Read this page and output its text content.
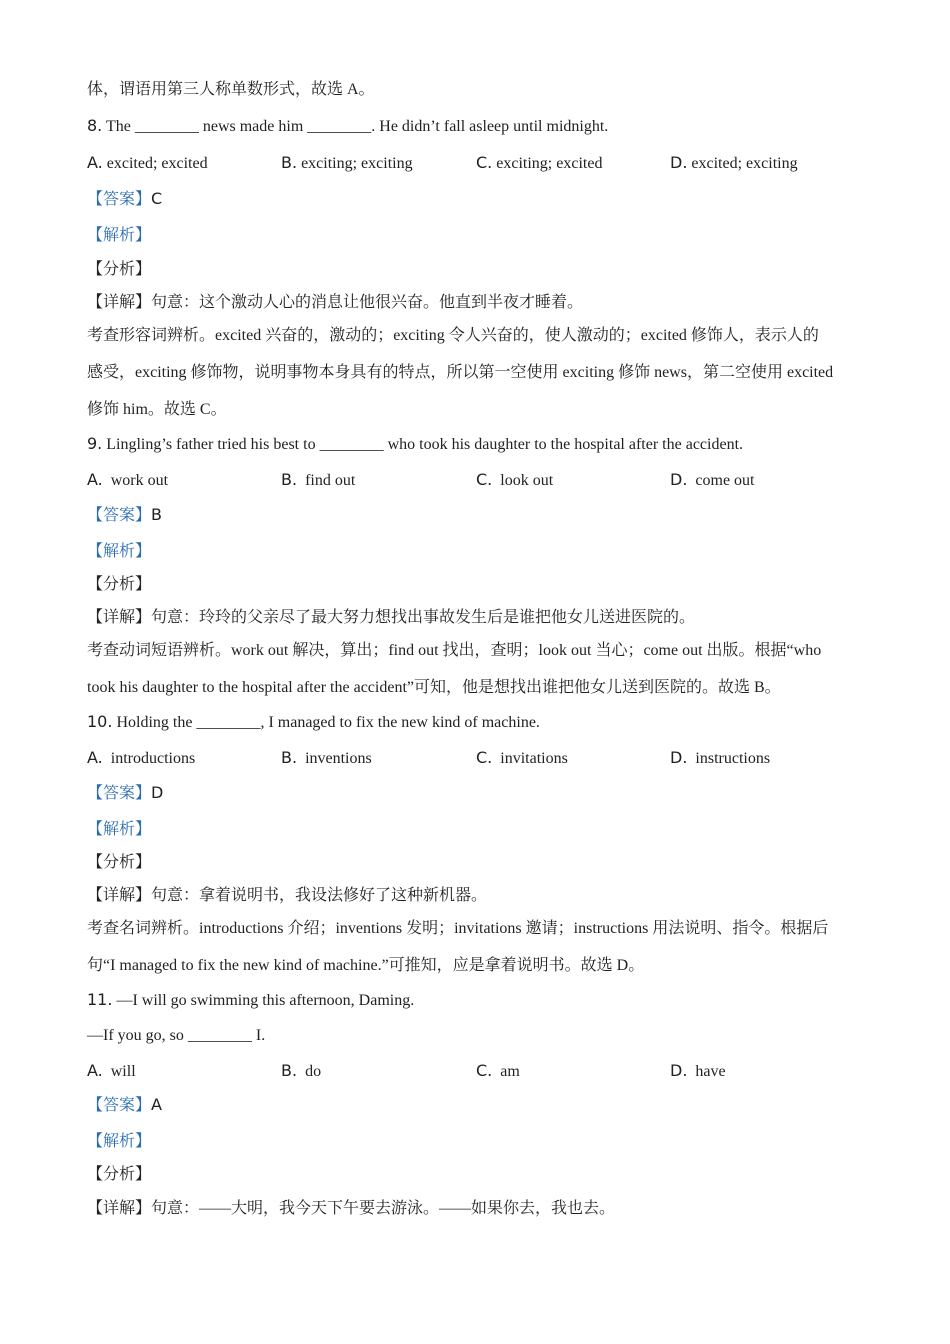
体，谓语用第三人称单数形式，故选 A。
8. The ________ news made him ________. He didn’t fall asleep until midnight.
A. excited; excited	B. exciting; exciting	C. exciting; excited	D. excited; exciting
【答案】C
【解析】
【分析】
【详解】句意：这个激动人心的消息让他很兴奋。他直到半夜才睡着。
考查形容词辨析。excited 兴奋的，激动的；exciting 令人兴奋的，使人激动的；excited 修饰人，表示人的
感受，exciting 修饰物，说明事物本身具有的特点，所以第一空使用 exciting 修饰 news，第二空使用 excited
修饰 him。故选 C。
9. Lingling’s father tried his best to ________ who took his daughter to the hospital after the accident.
A. work out	B. find out	C. look out	D. come out
【答案】B
【解析】
【分析】
【详解】句意：玲玲的父亲尽了最大努力想找出事故发生后是谁把他女儿送进医院的。
考查动词短语辨析。work out 解决，算出；find out 找出，查明；look out 当心；come out 出版。根据“who
took his daughter to the hospital after the accident”可知，他是想找出谁把他女儿送到医院的。故选 B。
10. Holding the ________, I managed to fix the new kind of machine.
A. introductions	B. inventions	C. invitations	D. instructions
【答案】D
【解析】
【分析】
【详解】句意：拿着说明书，我设法修好了这种新机器。
考查名词辨析。introductions 介绍；inventions 发明；invitations 邀请；instructions 用法说明、指令。根据后
句“I managed to fix the new kind of machine.”可推知，应是拿着说明书。故选 D。
11. —I will go swimming this afternoon, Daming.
—If you go, so ________ I.
A. will	B. do	C. am	D. have
【答案】A
【解析】
【分析】
【详解】句意：——大明，我今天下午要去游泳。——如果你去，我也去。
